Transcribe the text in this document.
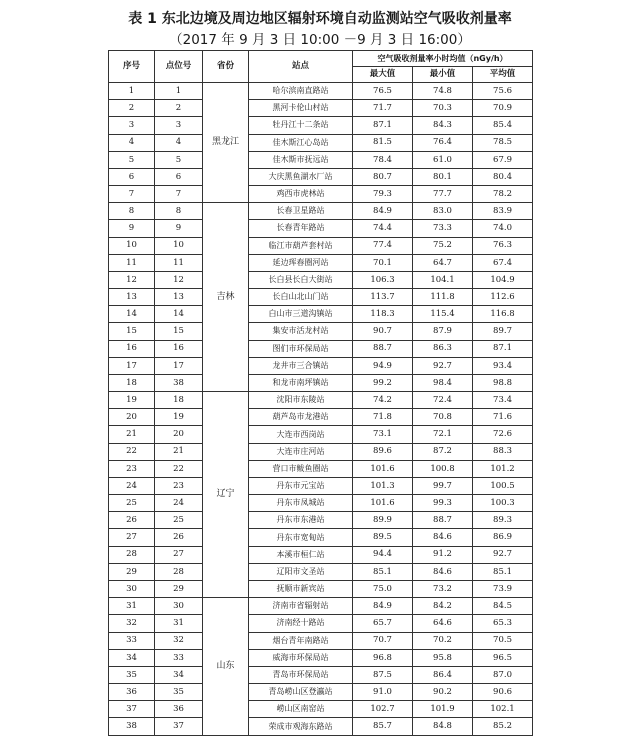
表 1 东北边境及周边地区辐射环境自动监测站空气吸收剂量率
（2017 年 9 月 3 日 10:00 －9 月 3 日 16:00）
序号	点位号	省份	站点	空气吸收剂量率小时均值（nGy/h）		
				最大值	最小值	平均值
1	1	黑龙江	哈尔滨南直路站	76.5	74.8	75.6
2	2		黑河卡伦山村站	71.7	70.3	70.9
3	3		牡丹江十二条站	87.1	84.3	85.4
4	4		佳木斯江心岛站	81.5	76.4	78.5
5	5		佳木斯市抚远站	78.4	61.0	67.9
6	6		大庆黑鱼湖水厂站	80.7	80.1	80.4
7	7		鸡西市虎林站	79.3	77.7	78.2
8	8	吉林	长春卫星路站	84.9	83.0	83.9
9	9		长春青年路站	74.4	73.3	74.0
10	10		临江市葫芦套村站	77.4	75.2	76.3
11	11		延边珲春圈河站	70.1	64.7	67.4
12	12		长白县长白大街站	106.3	104.1	104.9
13	13		长白山北山门站	113.7	111.8	112.6
14	14		白山市三道沟镇站	118.3	115.4	116.8
15	15		集安市活龙村站	90.7	87.9	89.7
16	16		图们市环保局站	88.7	86.3	87.1
17	17		龙井市三合镇站	94.9	92.7	93.4
18	38		和龙市南坪镇站	99.2	98.4	98.8
19	18	辽宁	沈阳市东陵站	74.2	72.4	73.4
20	19		葫芦岛市龙港站	71.8	70.8	71.6
21	20		大连市西岗站	73.1	72.1	72.6
22	21		大连市庄河站	89.6	87.2	88.3
23	22		营口市鲅鱼圈站	101.6	100.8	101.2
24	23		丹东市元宝站	101.3	99.7	100.5
25	24		丹东市凤城站	101.6	99.3	100.3
26	25		丹东市东港站	89.9	88.7	89.3
27	26		丹东市宽甸站	89.5	84.6	86.9
28	27		本溪市桓仁站	94.4	91.2	92.7
29	28		辽阳市文圣站	85.1	84.6	85.1
30	29		抚顺市新宾站	75.0	73.2	73.9
31	30	山东	济南市省辐射站	84.9	84.2	84.5
32	31		济南经十路站	65.7	64.6	65.3
33	32		烟台青年南路站	70.7	70.2	70.5
34	33		威海市环保局站	96.8	95.8	96.5
35	34		青岛市环保局站	87.5	86.4	87.0
36	35		青岛崂山区登瀛站	91.0	90.2	90.6
37	36		崂山区南窑站	102.7	101.9	102.1
38	37		荣成市观海东路站	85.7	84.8	85.2
